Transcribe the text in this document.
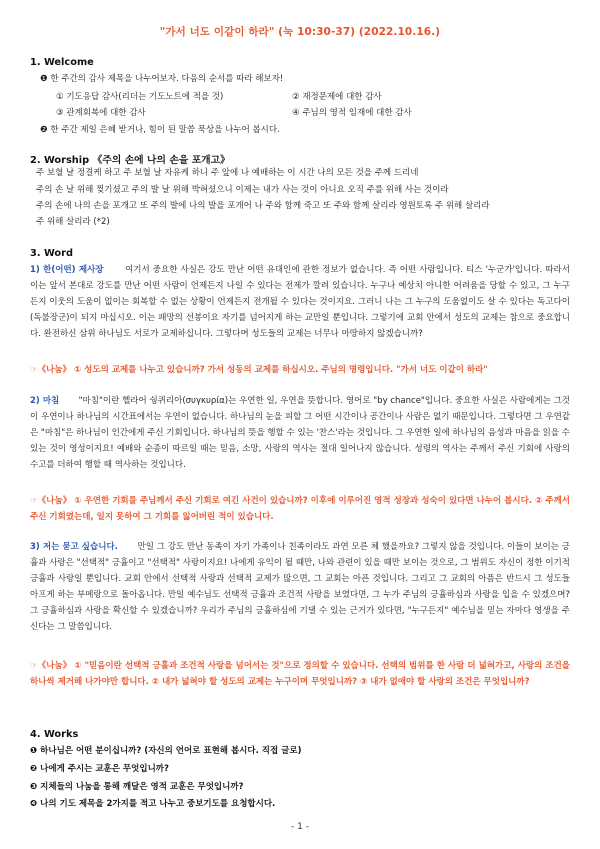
"가서 너도 이같이 하라" (눅 10:30-37) (2022.10.16.)
1. Welcome
❶ 한 주간의 감사 제목을 나누어보자. 다음의 순서를 따라 해보자!
① 기도응답 감사(리더는 기도노트에 적을 것)	② 재정문제에 대한 감사
③ 관계회복에 대한 감사	④ 주님의 영적 임재에 대한 감사
❷ 한 주간 제일 은혜 받거나, 힘이 된 말씀 묵상을 나누어 봅시다.
2. Worship 《주의 손에 나의 손을 포개고》
주 보혈 날 정결케 하고 주 보혈 날 자유케 하니 주 앞에 나 예배하는 이 시간 나의 모든 것을 주께 드리네
주의 손 날 위해 찢기셨고 주의 발 날 위해 박혀셨으니 이제는 내가 사는 것이 아니요 오직 주를 위해 사는 것이라
주의 손에 나의 손을 포개고 또 주의 발에 나의 발을 포개어 나 주와 함께 죽고 또 주와 함께 살리라 영원토록 주 위해 살리라
주 위해 살리라 (*2)
3. Word
1) 한(어떤) 제사장	여기서 중요한 사실은 강도 만난 어떤 유대인에 관한 정보가 없습니다. 즉 어떤 사람입니다. 티스 '누군가'입니다. 따라서 이는 앞서 본대로 강도를 만난 어떤 사람이 언제든지 나일 수 있다는 전제가 깔려 있습니다. 누구나 예상치 아니한 어려움을 당할 수 있고, 그 누구든지 이웃의 도움이 없이는 회복할 수 없는 상황이 언제든지 전개될 수 있다는 것이지요. 그러니 나는 그 누구의 도움없이도 살 수 있다는 독고다이(독불장군)이 되지 마십시오. 이는 패망의 선봉이요 자기를 넘어지게 하는 교만일 뿐입니다. 그렇기에 교회 안에서 성도의 교제는 참으로 중요합니다. 완전하신 삼위 하나님도 서로가 교제하십니다. 그렇다며 성도들의 교제는 너무나 마땅하지 않겠습니까?
☞《나눔》 ① 성도의 교제를 나누고 있습니까? 가서 성동의 교제를 하십시오. 주님의 명령입니다. "가서 너도 이같이 하라"
2) 마침 "마침"이란 헬라어 쉉퀴리아(συγκυρία)는 우연한 일, 우연을 뜻합니다. 영어로 "by chance"입니다. 중요한 사실은 사람에게는 그것이 우연이나 하나님의 시간표에서는 우연이 없습니다. 하나님의 눈을 피할 그 어떤 시간이나 공간이나 사람은 없기 때문입니다. 그렇다면 그 우연같은 "마침"은 하나님이 인간에게 주신 기회입니다. 하나님의 뜻을 행할 수 있는 '찬스'라는 것입니다. 그 우연한 일에 하나님의 음성과 마음을 읽을 수 있는 것이 영성이지요! 예배와 순종이 따르일 때는 믿음, 소망, 사랑의 역사는 절대 일어나지 않습니다. 성령의 역사는 주께서 주신 기회에 사랑의 수고를 더하여 행할 때 역사하는 것입니다.
☞《나눔》 ① 우연한 기회를 주님께서 주신 기회로 여긴 사건이 있습니까? 이후에 이루어진 영적 성장과 성숙이 있다면 나누어 봅시다. ② 주께서 주신 기회였는데, 일지 못하여 그 기회를 잃어버린 적이 있습니다.
3) 저는 묻고 싶습니다. 만일 그 강도 만난 동족이 자기 가족이나 친족이라도 과연 모른 체 했을까요? 그렇지 않을 것입니다. 이들이 보이는 긍휼과 사랑은 "선택적" 긍휼이고 "선택적" 사랑이지요! 나에게 유익이 될 때만, 나와 관련이 있을 때만 보이는 것으로, 그 범위도 자신이 정한 이기적 긍휼과 사랑일 뿐입니다. 교회 안에서 선택적 사랑과 선택적 교제가 많으면, 그 교회는 아픈 것입니다. 그리고 그 교회의 아픔은 반드시 그 성도들 아프게 하는 부메랑으로 돌아옵니다. 만일 예수님도 선택적 긍휼과 조건적 사랑을 보였다면, 그 누가 주님의 긍휼하심과 사랑을 입을 수 있겠으며? 그 긍휼하심과 사랑을 확신할 수 있겠습니까? 우리가 주님의 긍휼하심에 기댈 수 있는 근거가 있다면, "누구든지" 예수님을 믿는 자마다 영생을 주신다는 그 말씀입니다.
☞《나눔》 ① "믿음이란 선택적 긍휼과 조건적 사랑을 넘어서는 것"으로 정의할 수 있습니다. 선택의 범위를 한 사람 더 넓혀가고, 사랑의 조건을 하나씩 제거해 나가야만 합니다. ② 내가 넓혀야 할 성도의 교제는 누구이며 무엇입니까? ③ 내가 없애야 할 사랑의 조건은 무엇입니까?
4. Works
❶ 하나님은 어떤 분이십니까? (자신의 언어로 표현해 봅시다. 직접 글로)
❷ 나에게 주시는 교훈은 무엇입니까?
❸ 지체들의 나눔을 통해 깨달은 영적 교훈은 무엇입니까?
❹ 나의 기도 제목을 2가지를 적고 나누고 중보기도를 요청합시다.
- 1 -
